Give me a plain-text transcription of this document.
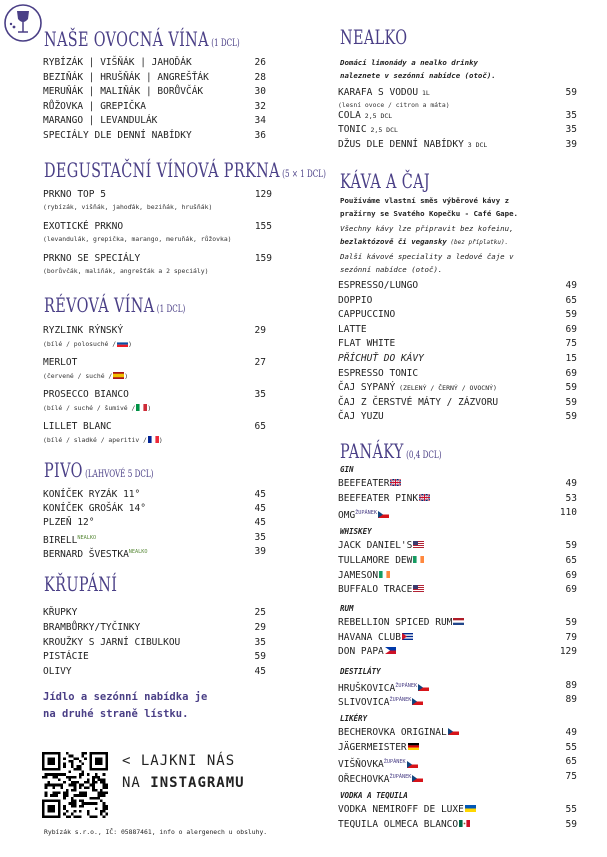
NAŠE OVOCNÁ VÍNA (1 DCL)
RYBÍZÁK | VIŠŇÁK | JAHOĎÁK	26
BEZIŇÁK | HRUŠŇÁK | ANGREŠŤÁK	28
MERUŇÁK | MALIŇÁK | BORŮVČÁK	30
RŮŽOVKA | GREPIČKA	32
MARANGO | LEVANDULÁK	34
SPECIÁLY DLE DENNÍ NABÍDKY	36
DEGUSTAČNÍ VÍNOVÁ PRKNA (5 × 1 DCL)
PRKNO TOP 5	129
(rybízák, višňák, jahoďák, beziňák, hrušňák)
EXOTICKÉ PRKNO	155
(levandulák, grepička, marango, meruňák, růžovka)
PRKNO SE SPECIÁLY	159
(borůvčák, maliňák, angrešťák a 2 speciály)
RÉVOVÁ VÍNA (1 DCL)
RYZLINK RÝNSKÝ	29
(bílé / polosuché / )
MERLOT	27
(červené / suché / )
PROSECCO BIANCO	35
(bílé / suché / šumivé / )
LILLET BLANC	65
(bílé / sladké / aperitiv / )
PIVO (LAHVOVÉ 5 DCL)
KONÍČEK RYZÁK 11°	45
KONÍČEK GROŠÁK 14°	45
PLZEŇ 12°	45
$BIRELL^{NEALKO}$	35
BERNARD $ŠVESTKA^{NEALKO}$	39
KŘUPÁNÍ
KŘUPKY	25
BRAMBŮRKY/TYČINKY	29
KROUŽKY S JARNÍ CIBULKOU	35
PISTÁCIE	59
OLIVY	45
Jídlo a sezónní nabídka je
na druhé straně lístku.
NEALKO
Domácí limonády a nealko drinky
naleznete v sezónní nabídce (otoč).
KARAFA S VODOU 1L	59
(lesní ovoce / citron a máta)
COLA 2,5 DCL	35
TONIC 2,5 DCL	35
DŽUS DLE DENNÍ NABÍDKY 3 DCL	39
KÁVA A ČAJ
Používáme vlastní směs výběrové kávy z
pražírny se Svatého Kopečku - Café Gape.
Všechny kávy lze připravit bez kofeinu,
bezlaktózově či vegansky (bez příplatku).
Další kávové speciality a ledové čaje v
sezónní nabídce (otoč).
ESPRESSO/LUNGO	49
DOPPIO	65
CAPPUCCINO	59
LATTE	69
FLAT WHITE	75
PŘÍCHUŤ DO KÁVY	15
ESPRESSO TONIC	69
ČAJ SYPANÝ (ZELENÝ / ČERNÝ / OVOCNÝ)	59
ČAJ Z ČERSTVÉ MÁTY / ZÁZVORU	59
ČAJ YUZU	59
PANÁKY (0,4 DCL)
GIN
BEEFEATER	49
BEEFEATER PINK	53
$OMG^{ŽUPÁNEK}$	110
WHISKEY
JACK DANIEL'S	59
TULLAMORE DEW	65
JAMESON	69
BUFFALO TRACE	69
RUM
REBELLION SPICED RUM	59
HAVANA CLUB	79
DON PAPA	129
DESTILÁTY
$HRUŠKOVICA^{ŽUPÁNEK}$	89
$SLIVOVICA^{ŽUPÁNEK}$	89
LIKÉRY
BECHEROVKA ORIGINAL	49
JÄGERMEISTER	55
$VIŠŇOVKA^{ŽUPÁNEK}$	65
$OŘECHOVKA^{ŽUPÁNEK}$	75
VODKA A TEQUILA
VODKA NEMIROFF DE LUXE	55
TEQUILA OLMECA BLANCO	59
< LAJKNI NÁS
NA INSTAGRAMU
Rybízák s.r.o., IČ: 05887461, info o alergenech u obsluhy.
